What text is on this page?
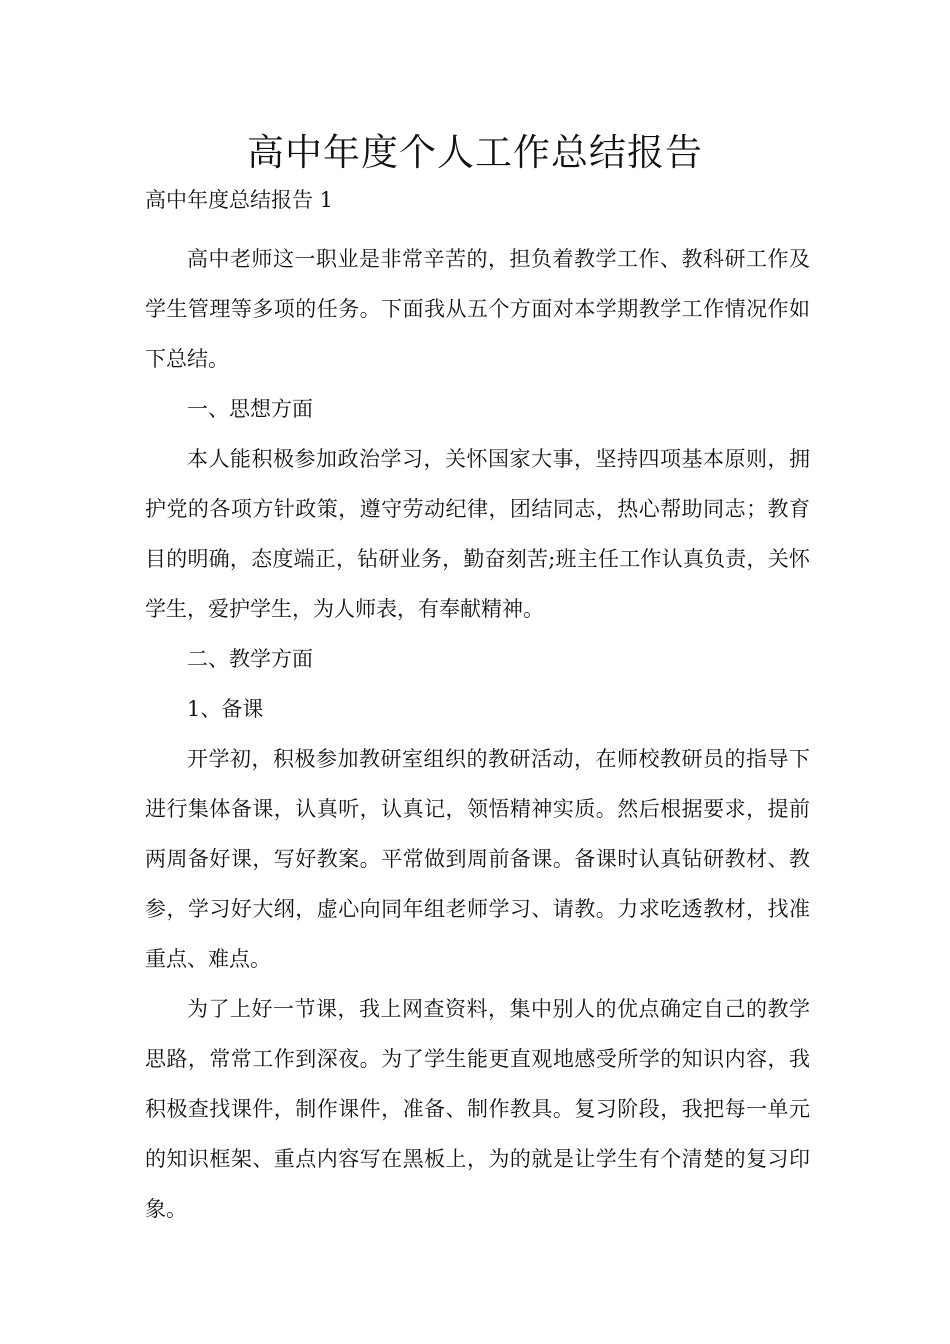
高中年度个人工作总结报告

高中年度总结报告 1

高中老师这一职业是非常辛苦的，担负着教学工作、教科研工作及学生管理等多项的任务。下面我从五个方面对本学期教学工作情况作如下总结。

一、思想方面

本人能积极参加政治学习，关怀国家大事，坚持四项基本原则，拥护党的各项方针政策，遵守劳动纪律，团结同志，热心帮助同志；教育目的明确，态度端正，钻研业务，勤奋刻苦;班主任工作认真负责，关怀学生，爱护学生，为人师表，有奉献精神。

二、教学方面

1、备课

开学初，积极参加教研室组织的教研活动，在师校教研员的指导下进行集体备课，认真听，认真记，领悟精神实质。然后根据要求，提前两周备好课，写好教案。平常做到周前备课。备课时认真钻研教材、教参，学习好大纲，虚心向同年组老师学习、请教。力求吃透教材，找准重点、难点。

为了上好一节课，我上网查资料，集中别人的优点确定自己的教学思路，常常工作到深夜。为了学生能更直观地感受所学的知识内容，我积极查找课件，制作课件，准备、制作教具。复习阶段，我把每一单元的知识框架、重点内容写在黑板上，为的就是让学生有个清楚的复习印象。
